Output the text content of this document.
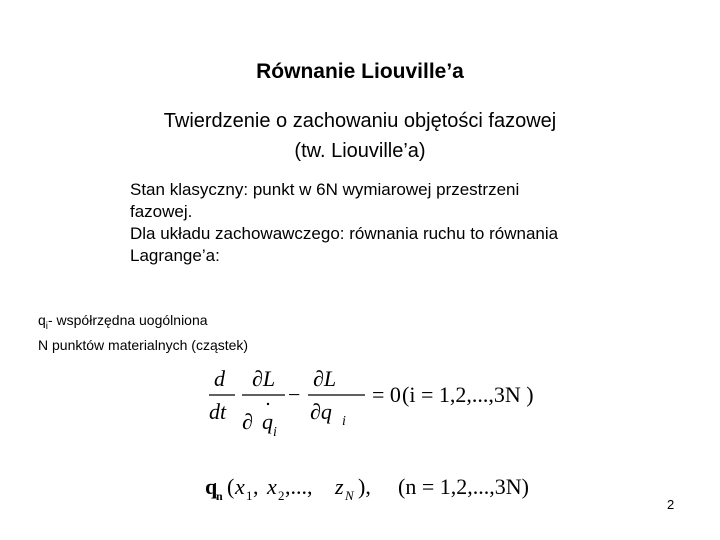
Równanie Liouville’a
Twierdzenie o zachowaniu objętości fazowej
(tw. Liouville’a)
Stan klasyczny: punkt w 6N wymiarowej przestrzeni
fazowej.
Dla układu zachowawczego: równania ruchu to równania
Lagrange’a:
$q_i-$ współrzędna uogólniona
N punktów materialnych (cząstek)
d
dt
∂L
∂ q i
−
∂L
∂q i
= 0 (i = 1,2,...,3N )
q
n ( x 1 , x 2 ,..., z N ), (n = 1,2,...,3N)
2
